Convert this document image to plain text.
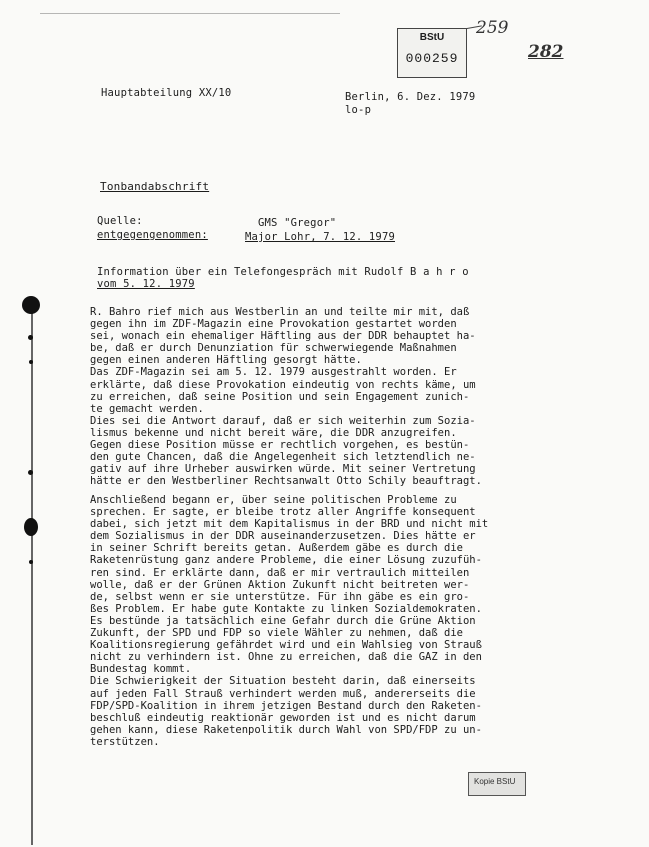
259
BStU
000259	282
Hauptabteilung XX/10	Berlin, 6. Dez. 1979
lo-p
Tonbandabschrift
Quelle:	GMS "Gregor"
entgegengenommen:	Major Lohr, 7. 12. 1979
Information über ein Telefongespräch mit Rudolf B a h r o
vom 5. 12. 1979
R. Bahro rief mich aus Westberlin an und teilte mir mit, daß
gegen ihn im ZDF-Magazin eine Provokation gestartet worden
sei, wonach ein ehemaliger Häftling aus der DDR behauptet ha-
be, daß er durch Denunziation für schwerwiegende Maßnahmen
gegen einen anderen Häftling gesorgt hätte.
Das ZDF-Magazin sei am 5. 12. 1979 ausgestrahlt worden. Er
erklärte, daß diese Provokation eindeutig von rechts käme, um
zu erreichen, daß seine Position und sein Engagement zunich-
te gemacht werden.
Dies sei die Antwort darauf, daß er sich weiterhin zum Sozia-
lismus bekenne und nicht bereit wäre, die DDR anzugreifen.
Gegen diese Position müsse er rechtlich vorgehen, es bestün-
den gute Chancen, daß die Angelegenheit sich letztendlich ne-
gativ auf ihre Urheber auswirken würde. Mit seiner Vertretung
hätte er den Westberliner Rechtsanwalt Otto Schily beauftragt.
Anschließend begann er, über seine politischen Probleme zu
sprechen. Er sagte, er bleibe trotz aller Angriffe konsequent
dabei, sich jetzt mit dem Kapitalismus in der BRD und nicht mit
dem Sozialismus in der DDR auseinanderzusetzen. Dies hätte er
in seiner Schrift bereits getan. Außerdem gäbe es durch die
Raketenrüstung ganz andere Probleme, die einer Lösung zuzufüh-
ren sind. Er erklärte dann, daß er mir vertraulich mitteilen
wolle, daß er der Grünen Aktion Zukunft nicht beitreten wer-
de, selbst wenn er sie unterstütze. Für ihn gäbe es ein gro-
ßes Problem. Er habe gute Kontakte zu linken Sozialdemokraten.
Es bestünde ja tatsächlich eine Gefahr durch die Grüne Aktion
Zukunft, der SPD und FDP so viele Wähler zu nehmen, daß die
Koalitionsregierung gefährdet wird und ein Wahlsieg von Strauß
nicht zu verhindern ist. Ohne zu erreichen, daß die GAZ in den
Bundestag kommt.
Die Schwierigkeit der Situation besteht darin, daß einerseits
auf jeden Fall Strauß verhindert werden muß, andererseits die
FDP/SPD-Koalition in ihrem jetzigen Bestand durch den Raketen-
beschluß eindeutig reaktionär geworden ist und es nicht darum
gehen kann, diese Raketenpolitik durch Wahl von SPD/FDP zu un-
terstützen.
Kopie BStU
